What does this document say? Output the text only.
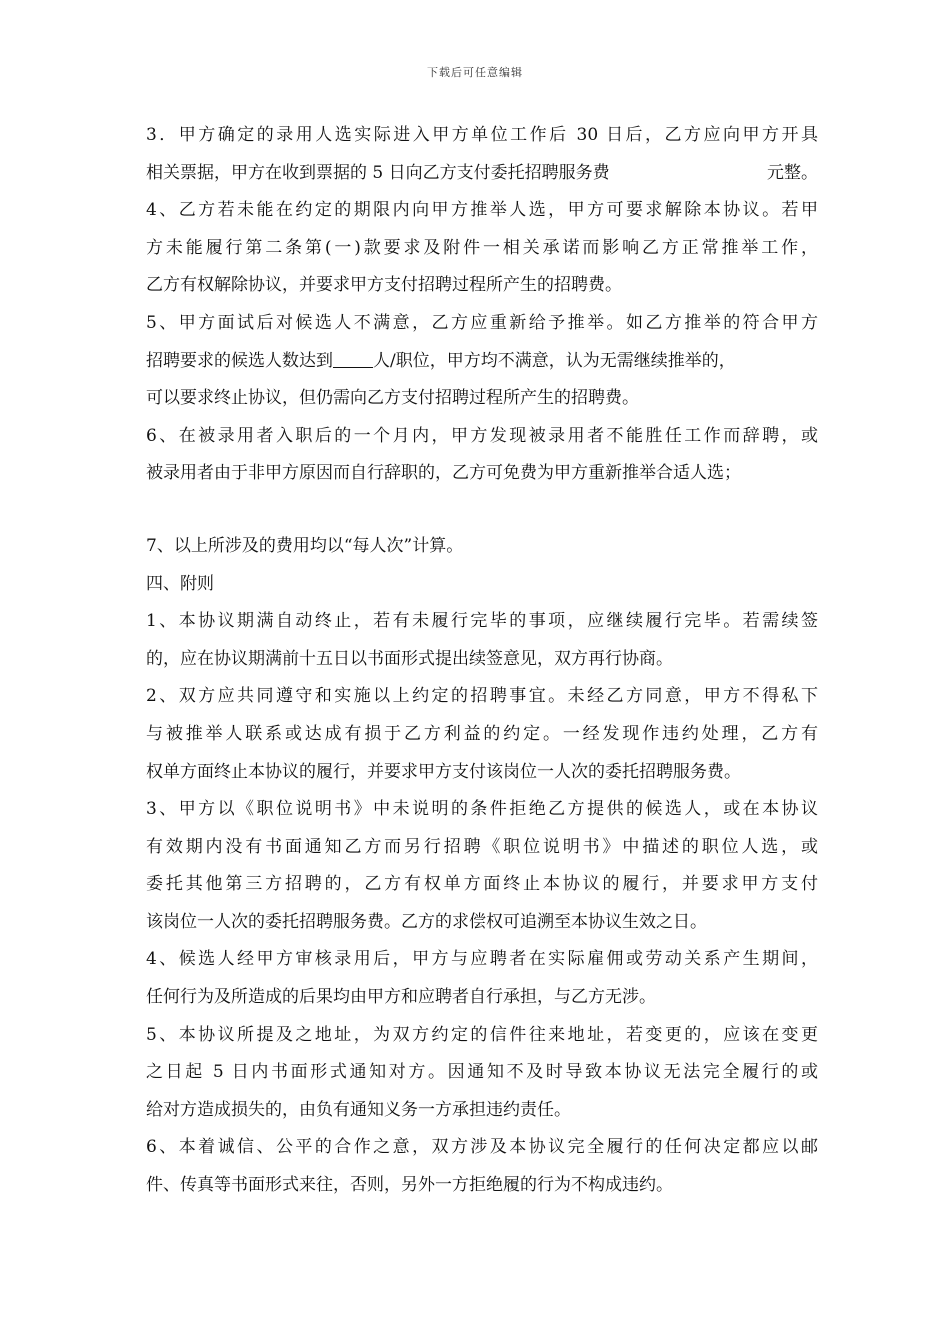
下载后可任意编辑
3．甲方确定的录用人选实际进入甲方单位工作后 30 日后，乙方应向甲方开具
相关票据，甲方在收到票据的 5 日向乙方支付委托招聘服务费	元整。
4、乙方若未能在约定的期限内向甲方推举人选，甲方可要求解除本协议。若甲
方未能履行第二条第(一)款要求及附件一相关承诺而影响乙方正常推举工作，
乙方有权解除协议，并要求甲方支付招聘过程所产生的招聘费。
5、甲方面试后对候选人不满意，乙方应重新给予推举。如乙方推举的符合甲方
招聘要求的候选人数达到 人/职位，甲方均不满意，认为无需继续推举的，
可以要求终止协议，但仍需向乙方支付招聘过程所产生的招聘费。
6、在被录用者入职后的一个月内，甲方发现被录用者不能胜任工作而辞聘，或
被录用者由于非甲方原因而自行辞职的，乙方可免费为甲方重新推举合适人选；
7、以上所涉及的费用均以“每人次”计算。
四、附则
1、本协议期满自动终止，若有未履行完毕的事项，应继续履行完毕。若需续签
的，应在协议期满前十五日以书面形式提出续签意见，双方再行协商。
2、双方应共同遵守和实施以上约定的招聘事宜。未经乙方同意，甲方不得私下
与被推举人联系或达成有损于乙方利益的约定。一经发现作违约处理，乙方有
权单方面终止本协议的履行，并要求甲方支付该岗位一人次的委托招聘服务费。
3、甲方以《职位说明书》中未说明的条件拒绝乙方提供的候选人，或在本协议
有效期内没有书面通知乙方而另行招聘《职位说明书》中描述的职位人选，或
委托其他第三方招聘的，乙方有权单方面终止本协议的履行，并要求甲方支付
该岗位一人次的委托招聘服务费。乙方的求偿权可追溯至本协议生效之日。
4、候选人经甲方审核录用后，甲方与应聘者在实际雇佣或劳动关系产生期间，
任何行为及所造成的后果均由甲方和应聘者自行承担，与乙方无涉。
5、本协议所提及之地址，为双方约定的信件往来地址，若变更的，应该在变更
之日起 5 日内书面形式通知对方。因通知不及时导致本协议无法完全履行的或
给对方造成损失的，由负有通知义务一方承担违约责任。
6、本着诚信、公平的合作之意，双方涉及本协议完全履行的任何决定都应以邮
件、传真等书面形式来往，否则，另外一方拒绝履的行为不构成违约。
